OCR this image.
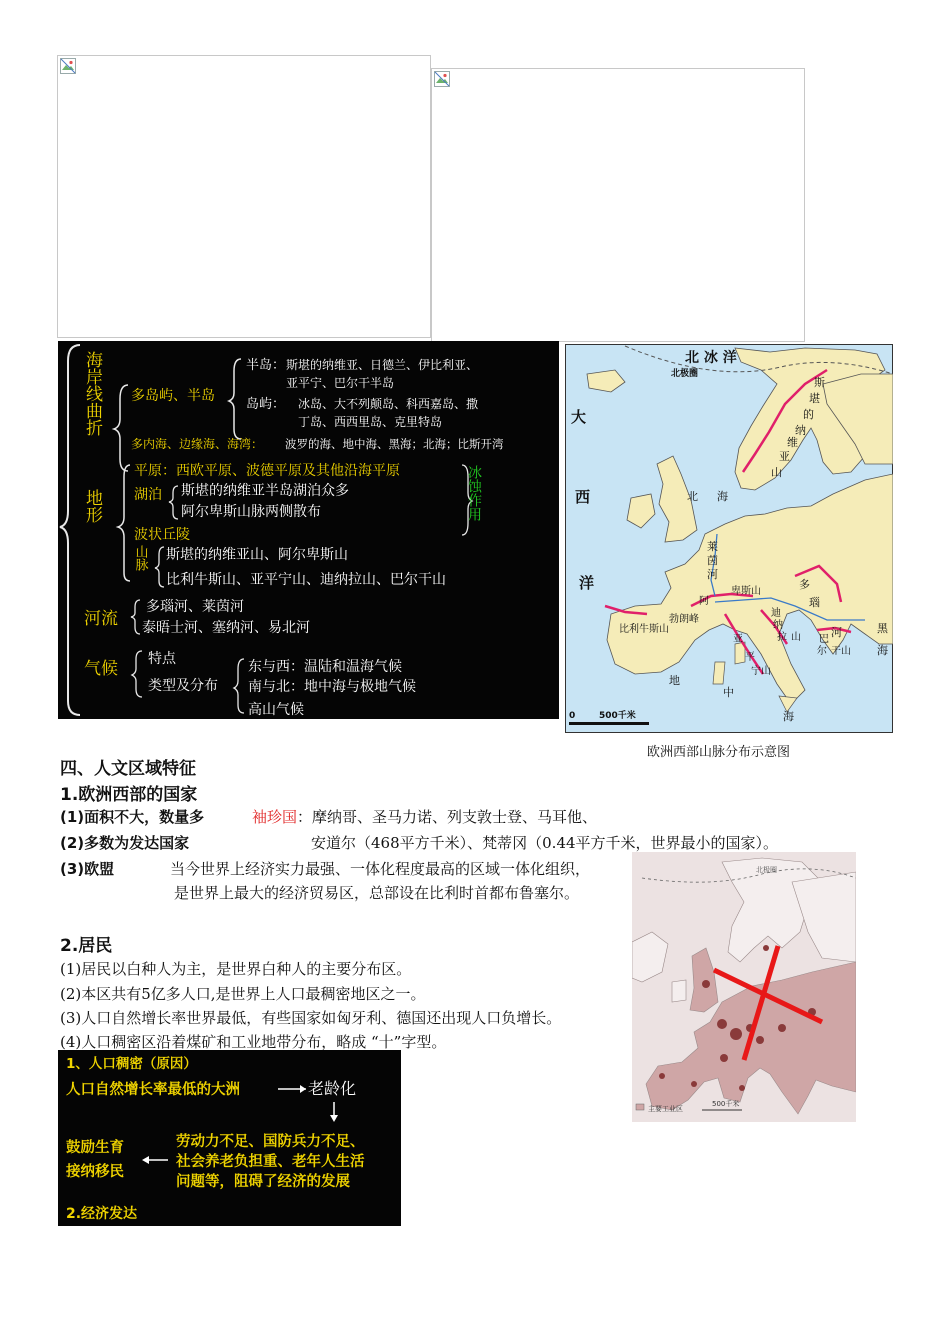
海岸线曲折 多岛屿、半岛
半岛： 斯堪的纳维亚、日德兰、伊比利亚、
亚平宁、巴尔干半岛
岛屿： 冰岛、大不列颠岛、科西嘉岛、撒
丁岛、西西里岛、克里特岛
多内海、边缘海、海湾： 波罗的海、地中海、黑海；北海；比斯开湾
地形
平原：西欧平原、波德平原及其他沿海平原
湖泊 斯堪的纳维亚半岛湖泊众多
阿尔卑斯山脉两侧散布
波状丘陵
山脉 斯堪的纳维亚山、阿尔卑斯山
比利牛斯山、亚平宁山、迪纳拉山、巴尔干山
冰蚀作用
河流
多瑙河、莱茵河
泰晤士河、塞纳河、易北河
气候 特点
类型及分布
东与西：温陆和温海气候
南与北：地中海与极地气候
高山气候
北 冰 洋
北极圈
大
西
洋
北 海
斯
堪
的
纳
维
亚
山
莱
茵
河
阿
卑斯山
勃朗峰
多
瑙
河
比利牛斯山
迪
纳
拉 山 巴
尔 干山
亚
平
宁山
地
中
海
黑
海
0	500千米
欧洲西部山脉分布示意图
四、人文区域特征
1.欧洲西部的国家
(1)面积不大，数量多	袖珍国：摩纳哥、圣马力诺、列支敦士登、马耳他、
(2)多数为发达国家	安道尔（468平方千米）、梵蒂冈（0.44平方千米，世界最小的国家）。
(3)欧盟	当今世界上经济实力最强、一体化程度最高的区域一体化组织，
是世界上最大的经济贸易区，总部设在比利时首都布鲁塞尔。
2.居民
(1)居民以白种人为主，是世界白种人的主要分布区。
(2)本区共有5亿多人口,是世界上人口最稠密地区之一。
(3)人口自然增长率世界最低，有些国家如匈牙利、德国还出现人口负增长。
(4)人口稠密区沿着煤矿和工业地带分布，略成 “十”字型。
北极圈
主要工业区
500千米
1、人口稠密（原因）
人口自然增长率最低的大洲	老龄化
鼓励生育
接纳移民
劳动力不足、国防兵力不足、
社会养老负担重、老年人生活
问题等，阻碍了经济的发展
2.经济发达
